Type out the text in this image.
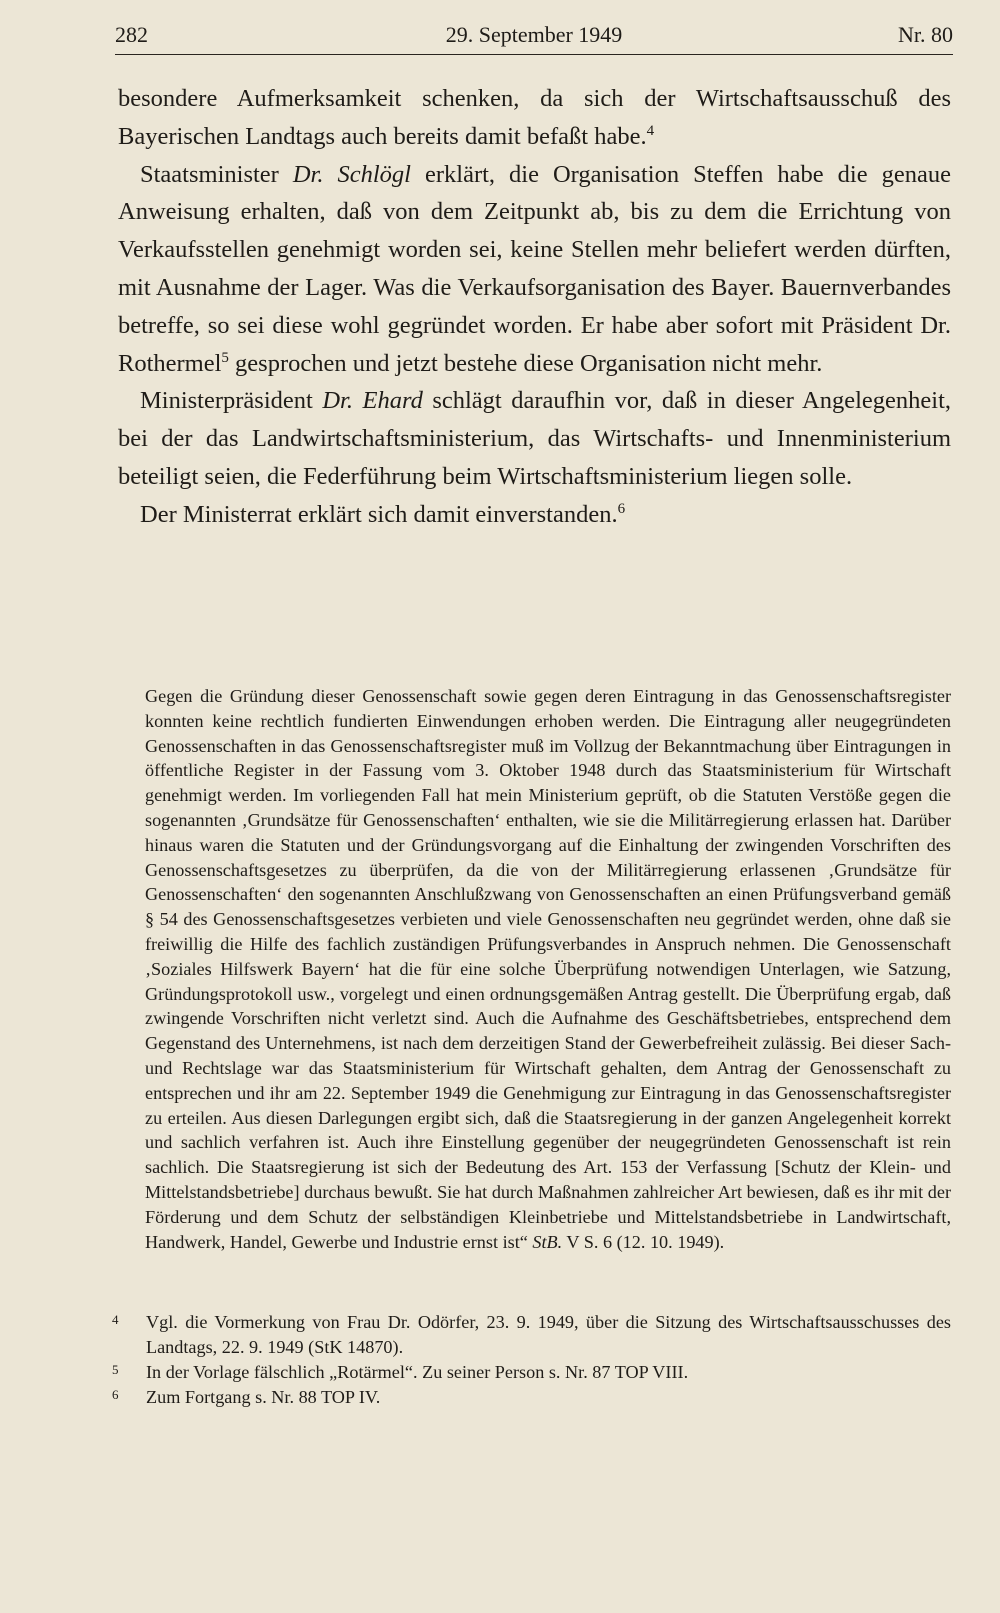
282	29. September 1949	Nr. 80

besondere Aufmerksamkeit schenken, da sich der Wirtschaftsausschuß des Bayerischen Landtags auch bereits damit befaßt habe.$^4$

Staatsminister Dr. Schlögl erklärt, die Organisation Steffen habe die genaue Anweisung erhalten, daß von dem Zeitpunkt ab, bis zu dem die Errichtung von Verkaufsstellen genehmigt worden sei, keine Stellen mehr beliefert werden dürften, mit Ausnahme der Lager. Was die Verkaufsorganisation des Bayer. Bauernverbandes betreffe, so sei diese wohl gegründet worden. Er habe aber sofort mit Präsident Dr. Rothermel$^5$ gesprochen und jetzt bestehe diese Organisation nicht mehr.

Ministerpräsident Dr. Ehard schlägt daraufhin vor, daß in dieser Angelegenheit, bei der das Landwirtschaftsministerium, das Wirtschafts- und Innenministerium beteiligt seien, die Federführung beim Wirtschaftsministerium liegen solle.

Der Ministerrat erklärt sich damit einverstanden.$^6$

Gegen die Gründung dieser Genossenschaft sowie gegen deren Eintragung in das Genossenschaftsregister konnten keine rechtlich fundierten Einwendungen erhoben werden. Die Eintragung aller neugegründeten Genossenschaften in das Genossenschaftsregister muß im Vollzug der Bekanntmachung über Eintragungen in öffentliche Register in der Fassung vom 3. Oktober 1948 durch das Staatsministerium für Wirtschaft genehmigt werden. Im vorliegenden Fall hat mein Ministerium geprüft, ob die Statuten Verstöße gegen die sogenannten ‚Grundsätze für Genossenschaften‘ enthalten, wie sie die Militärregierung erlassen hat. Darüber hinaus waren die Statuten und der Gründungsvorgang auf die Einhaltung der zwingenden Vorschriften des Genossenschaftsgesetzes zu überprüfen, da die von der Militärregierung erlassenen ‚Grundsätze für Genossenschaften‘ den sogenannten Anschlußzwang von Genossenschaften an einen Prüfungsverband gemäß § 54 des Genossenschaftsgesetzes verbieten und viele Genossenschaften neu gegründet werden, ohne daß sie freiwillig die Hilfe des fachlich zuständigen Prüfungsverbandes in Anspruch nehmen. Die Genossenschaft ‚Soziales Hilfswerk Bayern‘ hat die für eine solche Überprüfung notwendigen Unterlagen, wie Satzung, Gründungsprotokoll usw., vorgelegt und einen ordnungsgemäßen Antrag gestellt. Die Überprüfung ergab, daß zwingende Vorschriften nicht verletzt sind. Auch die Aufnahme des Geschäftsbetriebes, entsprechend dem Gegenstand des Unternehmens, ist nach dem derzeitigen Stand der Gewerbefreiheit zulässig. Bei dieser Sach- und Rechtslage war das Staatsministerium für Wirtschaft gehalten, dem Antrag der Genossenschaft zu entsprechen und ihr am 22. September 1949 die Genehmigung zur Eintragung in das Genossenschaftsregister zu erteilen. Aus diesen Darlegungen ergibt sich, daß die Staatsregierung in der ganzen Angelegenheit korrekt und sachlich verfahren ist. Auch ihre Einstellung gegenüber der neugegründeten Genossenschaft ist rein sachlich. Die Staatsregierung ist sich der Bedeutung des Art. 153 der Verfassung [Schutz der Klein- und Mittelstandsbetriebe] durchaus bewußt. Sie hat durch Maßnahmen zahlreicher Art bewiesen, daß es ihr mit der Förderung und dem Schutz der selbständigen Kleinbetriebe und Mittelstandsbetriebe in Landwirtschaft, Handwerk, Handel, Gewerbe und Industrie ernst ist“ StB. V S. 6 (12. 10. 1949).

4 Vgl. die Vormerkung von Frau Dr. Odörfer, 23. 9. 1949, über die Sitzung des Wirtschaftsausschusses des Landtags, 22. 9. 1949 (StK 14870).
5 In der Vorlage fälschlich „Rotärmel“. Zu seiner Person s. Nr. 87 TOP VIII.
6 Zum Fortgang s. Nr. 88 TOP IV.
